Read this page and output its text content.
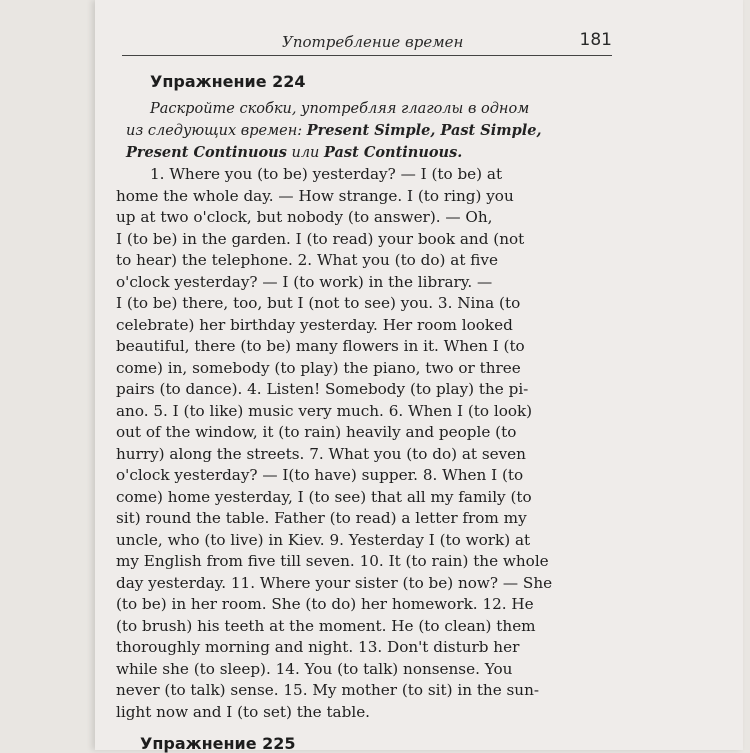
Употребление времен	181
Упражнение 224
Раскройте скобки, употребляя глаголы в одном
из следующих времен: Present Simple, Past Simple,
Present Continuous или Past Continuous.
1. Where you (to be) yesterday? — I (to be) at
home the whole day. — How strange. I (to ring) you
up at two o'clock, but nobody (to answer). — Oh,
I (to be) in the garden. I (to read) your book and (not
to hear) the telephone. 2. What you (to do) at five
o'clock yesterday? — I (to work) in the library. —
I (to be) there, too, but I (not to see) you. 3. Nina (to
celebrate) her birthday yesterday. Her room looked
beautiful, there (to be) many flowers in it. When I (to
come) in, somebody (to play) the piano, two or three
pairs (to dance). 4. Listen! Somebody (to play) the pi-
ano. 5. I (to like) music very much. 6. When I (to look)
out of the window, it (to rain) heavily and people (to
hurry) along the streets. 7. What you (to do) at seven
o'clock yesterday? — I(to have) supper. 8. When I (to
come) home yesterday, I (to see) that all my family (to
sit) round the table. Father (to read) a letter from my
uncle, who (to live) in Kiev. 9. Yesterday I (to work) at
my English from five till seven. 10. It (to rain) the whole
day yesterday. 11. Where your sister (to be) now? — She
(to be) in her room. She (to do) her homework. 12. He
(to brush) his teeth at the moment. He (to clean) them
thoroughly morning and night. 13. Don't disturb her
while she (to sleep). 14. You (to talk) nonsense. You
never (to talk) sense. 15. My mother (to sit) in the sun-
light now and I (to set) the table.
Упражнение 225
